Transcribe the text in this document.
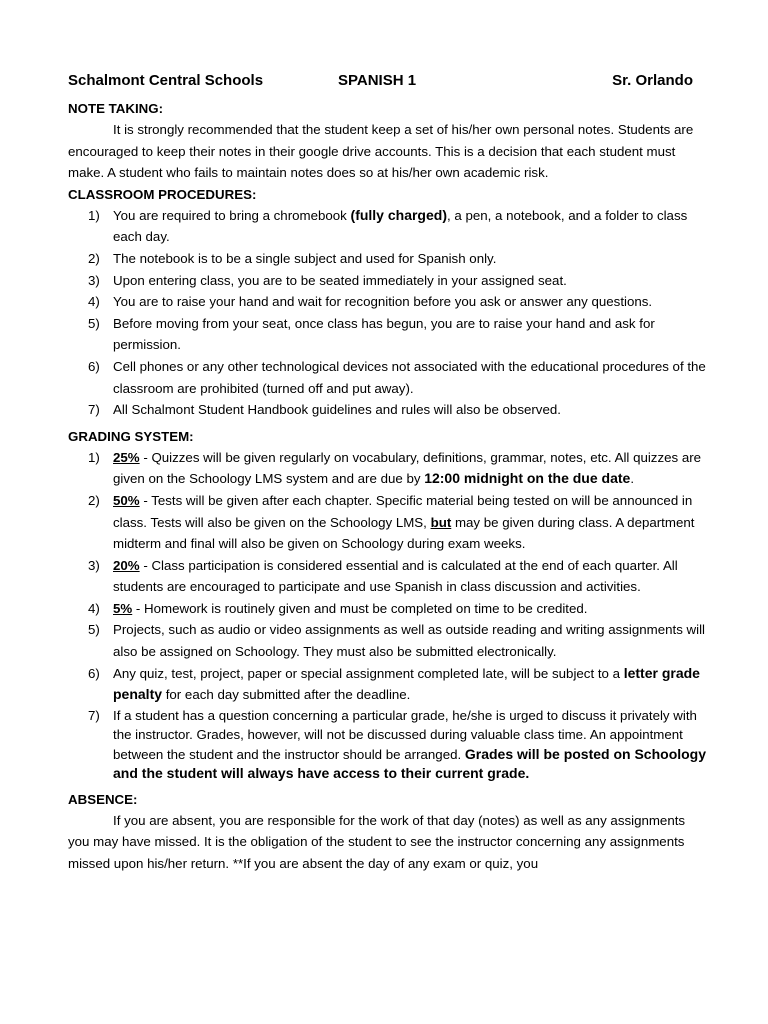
Schalmont Central Schools	SPANISH 1	Sr. Orlando
NOTE TAKING:

It is strongly recommended that the student keep a set of his/her own personal notes. Students are encouraged to keep their notes in their google drive accounts. This is a decision that each student must make. A student who fails to maintain notes does so at his/her own academic risk.

CLASSROOM PROCEDURES:
1) You are required to bring a chromebook (fully charged), a pen, a notebook, and a folder to class each day.
2) The notebook is to be a single subject and used for Spanish only.
3) Upon entering class, you are to be seated immediately in your assigned seat.
4) You are to raise your hand and wait for recognition before you ask or answer any questions.
5) Before moving from your seat, once class has begun, you are to raise your hand and ask for permission.
6) Cell phones or any other technological devices not associated with the educational procedures of the classroom are prohibited (turned off and put away).
7) All Schalmont Student Handbook guidelines and rules will also be observed.
GRADING SYSTEM:
1) 25% - Quizzes will be given regularly on vocabulary, definitions, grammar, notes, etc. All quizzes are given on the Schoology LMS system and are due by 12:00 midnight on the due date.
2) 50% - Tests will be given after each chapter. Specific material being tested on will be announced in class. Tests will also be given on the Schoology LMS, but may be given during class. A department midterm and final will also be given on Schoology during exam weeks.
3) 20% - Class participation is considered essential and is calculated at the end of each quarter. All students are encouraged to participate and use Spanish in class discussion and activities.
4) 5% - Homework is routinely given and must be completed on time to be credited.
5) Projects, such as audio or video assignments as well as outside reading and writing assignments will also be assigned on Schoology. They must also be submitted electronically.
6) Any quiz, test, project, paper or special assignment completed late, will be subject to a letter grade penalty for each day submitted after the deadline.
7) If a student has a question concerning a particular grade, he/she is urged to discuss it privately with the instructor. Grades, however, will not be discussed during valuable class time. An appointment between the student and the instructor should be arranged. Grades will be posted on Schoology and the student will always have access to their current grade.
ABSENCE:

If you are absent, you are responsible for the work of that day (notes) as well as any assignments you may have missed. It is the obligation of the student to see the instructor concerning any assignments missed upon his/her return. **If you are absent the day of any exam or quiz, you
